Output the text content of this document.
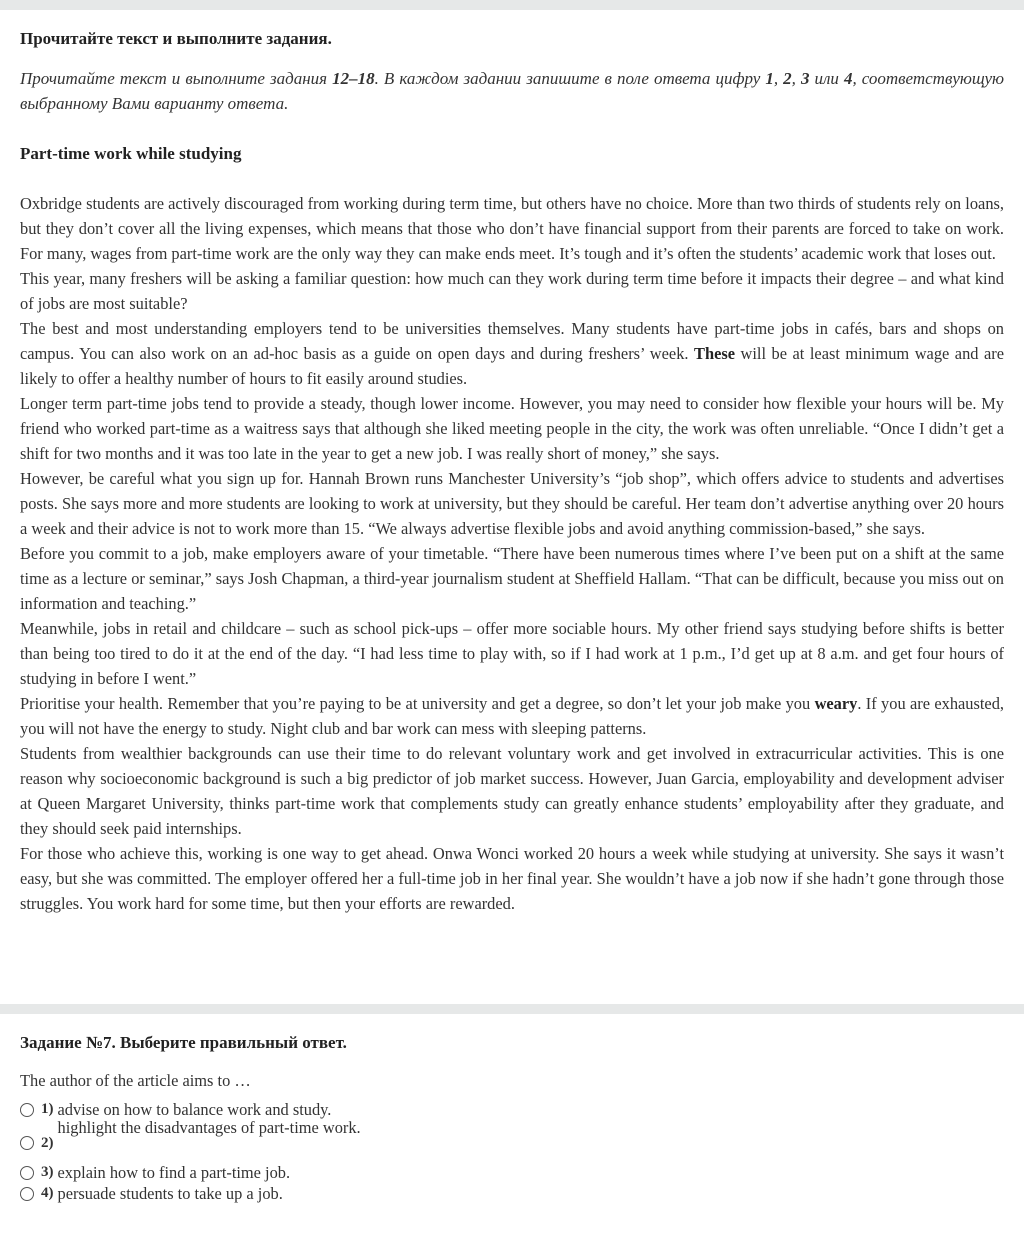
Прочитайте текст и выполните задания.

Прочитайте текст и выполните задания 12–18. В каждом задании запишите в поле ответа цифру 1, 2, 3 или 4, соответствующую выбранному Вами варианту ответа.

Part-time work while studying

Oxbridge students are actively discouraged from working during term time, but others have no choice. More than two thirds of students rely on loans, but they don’t cover all the living expenses, which means that those who don’t have financial support from their parents are forced to take on work. For many, wages from part-time work are the only way they can make ends meet. It’s tough and it’s often the students’ academic work that loses out.

This year, many freshers will be asking a familiar question: how much can they work during term time before it impacts their degree – and what kind of jobs are most suitable?

The best and most understanding employers tend to be universities themselves. Many students have part-time jobs in cafés, bars and shops on campus. You can also work on an ad-hoc basis as a guide on open days and during freshers’ week. These will be at least minimum wage and are likely to offer a healthy number of hours to fit easily around studies.

Longer term part-time jobs tend to provide a steady, though lower income. However, you may need to consider how flexible your hours will be. My friend who worked part-time as a waitress says that although she liked meeting people in the city, the work was often unreliable. “Once I didn’t get a shift for two months and it was too late in the year to get a new job. I was really short of money,” she says.

However, be careful what you sign up for. Hannah Brown runs Manchester University’s “job shop”, which offers advice to students and advertises posts. She says more and more students are looking to work at university, but they should be careful. Her team don’t advertise anything over 20 hours a week and their advice is not to work more than 15. “We always advertise flexible jobs and avoid anything commission-based,” she says.

Before you commit to a job, make employers aware of your timetable. “There have been numerous times where I’ve been put on a shift at the same time as a lecture or seminar,” says Josh Chapman, a third-year journalism student at Sheffield Hallam. “That can be difficult, because you miss out on information and teaching.”

Meanwhile, jobs in retail and childcare – such as school pick-ups – offer more sociable hours. My other friend says studying before shifts is better than being too tired to do it at the end of the day. “I had less time to play with, so if I had work at 1 p.m., I’d get up at 8 a.m. and get four hours of studying in before I went.”

Prioritise your health. Remember that you’re paying to be at university and get a degree, so don’t let your job make you weary. If you are exhausted, you will not have the energy to study. Night club and bar work can mess with sleeping patterns.

Students from wealthier backgrounds can use their time to do relevant voluntary work and get involved in extracurricular activities. This is one reason why socioeconomic background is such a big predictor of job market success. However, Juan Garcia, employability and development adviser at Queen Margaret University, thinks part-time work that complements study can greatly enhance students’ employability after they graduate, and they should seek paid internships.

For those who achieve this, working is one way to get ahead. Onwa Wonci worked 20 hours a week while studying at university. She says it wasn’t easy, but she was committed. The employer offered her a full-time job in her final year. She wouldn’t have a job now if she hadn’t gone through those struggles. You work hard for some time, but then your efforts are rewarded.

Задание №7. Выберите правильный ответ.

The author of the article aims to …

1) advise on how to balance work and study.
2)
highlight the disadvantages of part-time work.
3) explain how to find a part-time job.
4) persuade students to take up a job.
